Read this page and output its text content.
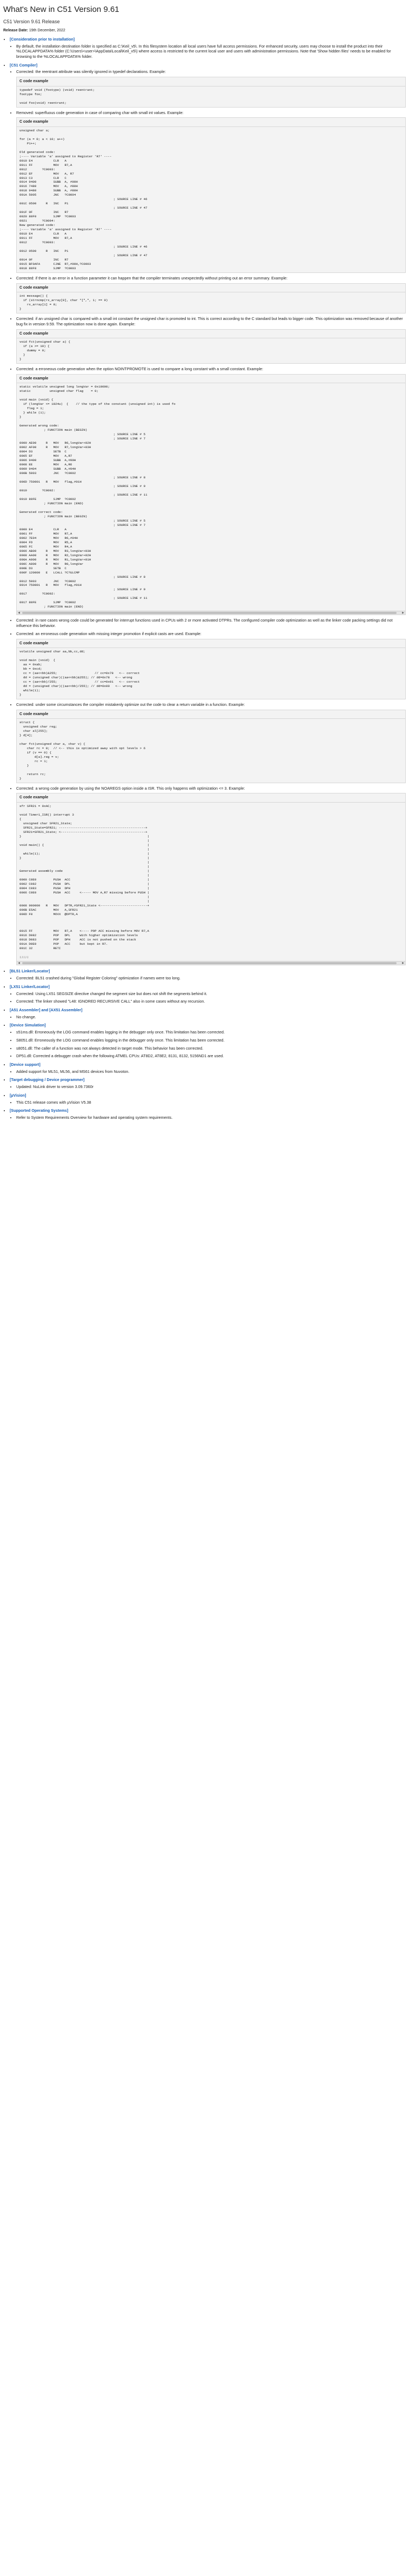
What's New in C51 Version 9.61
C51 Version 9.61 Release
Release Date: 19th December, 2022
• [Consideration prior to installation]

• By default, the installation destination folder is specified as C:\Keil_v5\. In this filesystem location all local users have full access permissions. For enhanced security, users may choose to install the product into their %LOCALAPPDATA% folder (C:\Users\<user>\AppData\Local\Keil_v5\) where access is restricted to the current local user and users with administration permissions. Note that 'Show hidden files' needs to be enabled for browsing to the %LOCALAPPDATA% folder.

• [C51 Compiler]

• Corrected: the reentrant attribute was silently ignored in typedef declarations. Example:

C code example
typedef void (footype) (void) reentrant;
footype foo;

void foo(void) reentrant;

• Removed: superfluous code generation in case of comparing char with small int values. Example:

C code example
unsigned char a;

for (a = 0; a < 10; a++)
P1++;

Old generated code:
;---- Variable 'a' assigned to Register 'R7' ----
0010 E4           CLR   A
0011 FF           MOV   R7,A
0012        ?C0003:
0012 EF           MOV   A, R7
0013 C3           CLR   C
0014 9400         SUBB  A, #00H
0016 7480         MOV   A, #80H
0018 9480         SUBB  A, #80H
001A 5005         JNC   ?C0004
; SOURCE LINE # 46
001C 0500     R   INC   P1
; SOURCE LINE # 47
001F 0F           INC   R7
0020 80F0         SJMP  ?C0003
0021        ?C0004:
New generated code:
;---- Variable 'a' assigned to Register 'R7' ----
0010 E4           CLR   A
0011 FF           MOV   R7,A
0012        ?C0003:
; SOURCE LINE # 46
0012 0500     R   INC   P1
; SOURCE LINE # 47
0014 0F           INC   R7
0015 BF0AFA       CJNE  R7,#00H,?C0003
0018 80F8         SJMP  ?C0003

• Corrected: if there is an error in a function parameter it can happen that the compiler terminates unexpectedly without printing out an error summary. Example:

C code example
int message() {
if (strncmp(rx_array[0], char *[",", 1; == 0)
rx_array[1] = 0;
}

• Corrected: if an unsigned char is compared with a small int constant the unsigned char is promoted to int. This is correct according to the C standard but leads to bigger code. This optimization was removed because of another bug fix in version 9.59. The optimization now is done again. Example:

C code example
void fct(unsigned char a) {
if (a >= 10) {
dummy = 0;
}
}

• Corrected: a erroneous code generation when the option NOINTPROMOTE is used to compare a long constant with a small constant. Example:

C code example
static volatile unsigned long longVar = 0x10000;
static          unsigned char flag    = 0;

void main (void) {
if (longVar <= 1024u)  {    // the type of the constant (unsigned int) is used fo
flag = 1;
} while (1);
}

Generated wrong code:
; FUNCTION main (BEGIN)
; SOURCE LINE # 5
; SOURCE LINE # 7
0000 AE00     R   MOV   R6,longVar+02H
0002 AF00     R   MOV   R7,longVar+03H
0004 D3           SETB  C
0005 EF           MOV   A,R7
0006 9400         SUBB  A,#00H
0008 EE           MOV   A,R6
0009 9404         SUBB  A,#04H
000B 5003         JNC   ?C0002
; SOURCE LINE # 8
000D 750001   R   MOV   flag,#01H
; SOURCE LINE # 9
0010        ?C0002:
; SOURCE LINE # 11
0010 80FE         SJMP  ?C0002
; FUNCTION main (END)

Generated correct code:
; FUNCTION main (BEGIN)
; SOURCE LINE # 5
; SOURCE LINE # 7
0000 E4           CLR   A
0001 FF           MOV   R7,A
0002 7E04         MOV   R6,#04H
0004 FD           MOV   R5,A
0005 FC           MOV   R4,A
0006 AB00     R   MOV   R3,longVar+03H
0008 AA00     R   MOV   R2,longVar+02H
000A A900     R   MOV   R1,longVar+01H
000C A800     R   MOV   R0,longVar
000E D3           SETB  C
000F 120000   E   LCALL ?C?ULCMP
; SOURCE LINE # 8
0012 5003         JNC   ?C0002
0014 750001   R   MOV   flag,#01H
; SOURCE LINE # 9
0017        ?C0002:
; SOURCE LINE # 11
0017 80FE         SJMP  ?C0002
; FUNCTION main (END)
◀	▶

• Corrected: in rare cases wrong code could be generated for interrupt functions used in CPUs with 2 or more activated DTPRs. The configured compiler code optimization as well as the linker code packing settings did not influence this behavior.

• Corrected: an erroneous code generation with missing integer promotion if explicit casts are used. Example:

C code example
volatile unsigned char aa,bb,cc,dd;

void main (void)  {
aa = 0xab;
bb = 0xcd;
cc = (aa<<bb)&255;                    // cc=0x78   <-- correct
dd = (unsigned char)((aa<<bb)&255); // dd=0x78   <-- wrong
cc = (aa<<bb)/255;                    // cc=0x01   <-- correct
dd = (unsigned char)((aa<<bb)/255); // dd=0x00   <-- wrong
while(1);
}

• Corrected: under some circumstances the compiler mistakenly optimize out the code to clear a return variable in a function. Example:

C code example
struct {
unsigned char reg;
char al[255];
} d[4];

char fct(unsigned char a, char v) {
char rc = 0;  // <-- this is optimized away with opt levels > 6
if (v == 0) {
d[a].reg = v;
rc = 1;
}

return rc;
}

• Corrected: a wrong code generation by using the NOAREGS option inside a ISR. This only happens with optimization <= 3. Example:

C code example
sfr SFR21 = 0xAC;

void Timer1_ISR() interrupt 3
{
unsigned char SFR21_State;
SFR21_State=SFR21; ----------------------------------------------+
SFR21=SFR21_State; <---------------------------------------------+
}                                                                   |
|
void main() {                                                       |
|
while(1);                                                         |
}                                                                   |
|
|
Generated assembly code                                             |
|
0000 C0E0         PUSH  ACC                                         |
0002 C082         PUSH  DPL                                         |
0004 C083         PUSH  DPH                                         |
0006 C0E0         PUSH  ACC     <----- MOV A,R7 missing before PUSH |
|
|
0008 900000   R   MOV   DPTR,#SFR21_State <-------------------------+
000B E5AC         MOV   A,SFR21
000D F0           MOVX  @DPTR,A

0015 FF           MOV   R7,A    <---- POP ACC missing before MOV R7,A
0016 D082         POP   DPL     With higher optimization levels
0018 D083         POP   DPH     ACC is not pushed on the stack
001A D0E0         POP   ACC     but kept in R7.
001C 32           RETI

;;;;;
◀	▶
• [BL51 Linker/Locator]
• Corrected: BL51 crashed during "Global Register Coloring" optimization if names were too long.
• [LX51 Linker/Locator]
• Corrected: Using LX51 SEGSIZE directive changed the segment size but does not shift the segments behind it.
• Corrected: The linker showed "L48: IGNORED RECURSIVE CALL" also in some cases without any recursion.
• [A51 Assembler] and [AX51 Assembler]
• No change.
• [Device Simulation]
• s51ms.dll: Erroneously the LOG command enables logging in the debugger only once. This limitation has been corrected.
• S8051.dll: Erroneously the LOG command enables logging in the debugger only once. This limitation has been corrected.
• s8051.dll: The caller of a function was not always detected in target mode. This behavior has been corrected.
• DP51.dll: Corrected a debugger crash when the following ATMEL CPUs: AT8D2, AT8E2, 8131, 8132, 5156ND1 are used.
• [Device support]
• Added support for ML51, ML56, and MS61 devices from Nuvoton.
• [Target debugging / Device programmer]
• Updated: NuLink driver to version 3.09.7360r
• [µVision]
• This C51 release comes with µVision V5.38
• [Supported Operating Systems]
• Refer to System Requirements Overview for hardware and operating system requirements.
